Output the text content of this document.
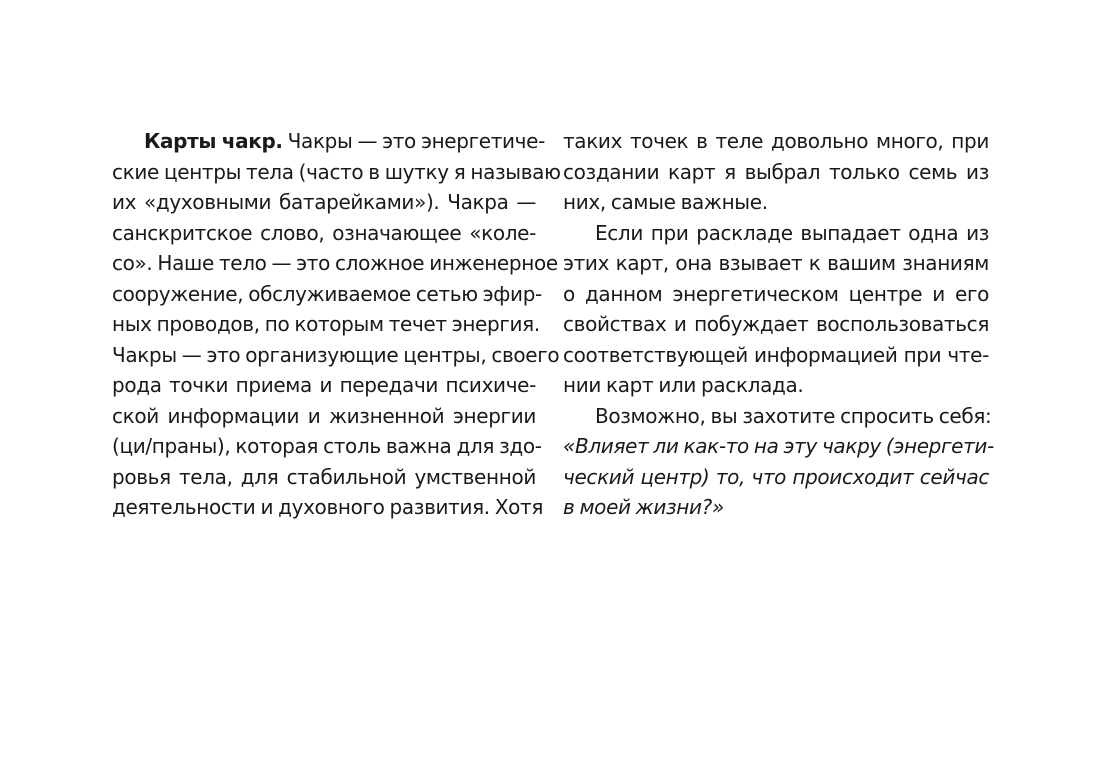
Карты чакр. Чакры — это энергетиче-
ские центры тела (часто в шутку я называю
их «духовными батарейками»). Чакра —
санскритское слово, означающее «коле-
со». Наше тело — это сложное инженерное
сооружение, обслуживаемое сетью эфир-
ных проводов, по которым течет энергия.
Чакры — это организующие центры, своего
рода точки приема и передачи психиче-
ской информации и жизненной энергии
(ци/праны), которая столь важна для здо-
ровья тела, для стабильной умственной
деятельности и духовного развития. Хотя
таких точек в теле довольно много, при
создании карт я выбрал только семь из
них, самые важные.
Если при раскладе выпадает одна из
этих карт, она взывает к вашим знаниям
о данном энергетическом центре и его
свойствах и побуждает воспользоваться
соответствующей информацией при чте-
нии карт или расклада.
Возможно, вы захотите спросить себя:
«Влияет ли как-то на эту чакру (энергети-
ческий центр) то, что происходит сейчас
в моей жизни?»
